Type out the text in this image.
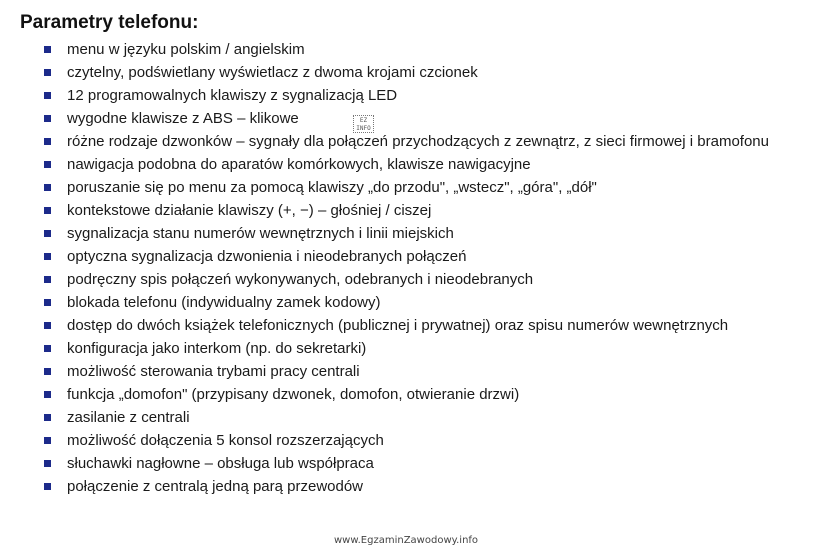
Parametry telefonu:
menu w języku polskim / angielskim
czytelny, podświetlany wyświetlacz z dwoma krojami czcionek
12 programowalnych klawiszy z sygnalizacją LED
wygodne klawisze z ABS – klikowe
różne rodzaje dzwonków – sygnały dla połączeń przychodzących z zewnątrz, z sieci firmowej i bramofonu
nawigacja podobna do aparatów komórkowych, klawisze nawigacyjne
poruszanie się po menu za pomocą klawiszy „do przodu", „wstecz", „góra", „dół"
kontekstowe działanie klawiszy (+, −) – głośniej / ciszej
sygnalizacja stanu numerów wewnętrznych i linii miejskich
optyczna sygnalizacja dzwonienia i nieodebranych połączeń
podręczny spis połączeń wykonywanych, odebranych i nieodebranych
blokada telefonu (indywidualny zamek kodowy)
dostęp do dwóch książek telefonicznych (publicznej i prywatnej) oraz spisu numerów wewnętrznych
konfiguracja jako interkom (np. do sekretarki)
możliwość sterowania trybami pracy centrali
funkcja „domofon" (przypisany dzwonek, domofon, otwieranie drzwi)
zasilanie z centrali
możliwość dołączenia 5 konsol rozszerzających
słuchawki nagłowne – obsługa lub współpraca
połączenie z centralą jedną parą przewodów
EZ INFO
www.EgzaminZawodowy.info
